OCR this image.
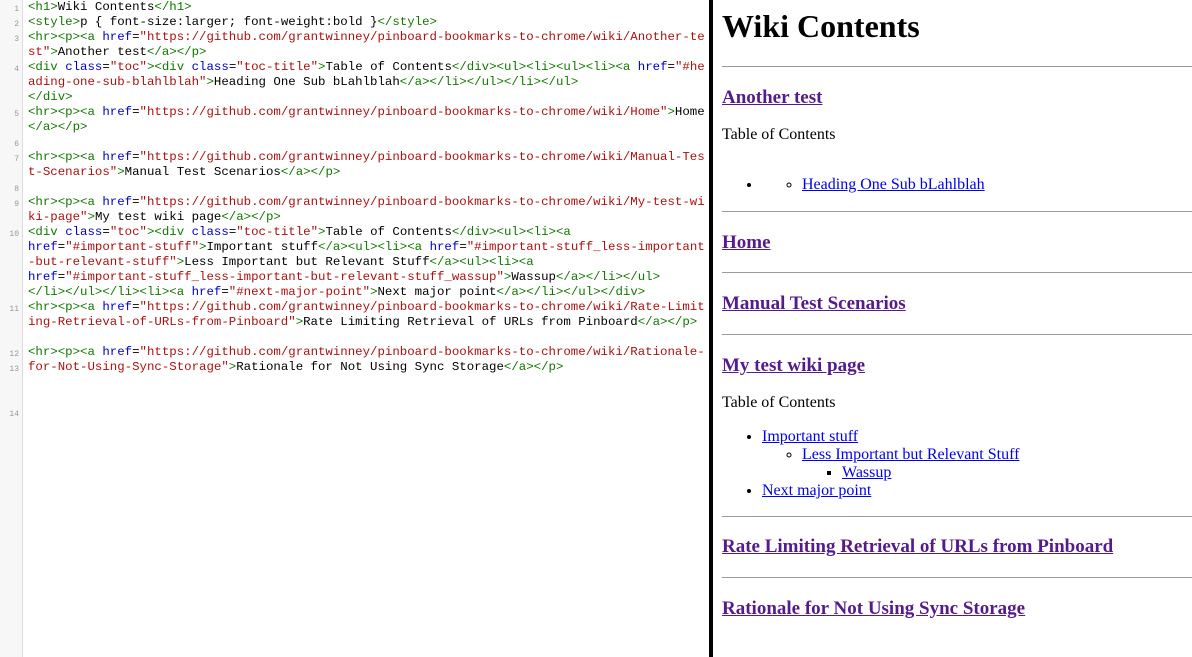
1
2
3
4
5
6
7
8
9
10
11
12
13
14
<h1>Wiki Contents</h1>
<style>p { font-size:larger; font-weight:bold }</style>
<hr><p><a href="https://github.com/grantwinney/pinboard-bookmarks-to-chrome/wiki/Another-test">Another test</a></p>
<div class="toc"><div class="toc-title">Table of Contents</div><ul><li><ul><li><a href="#heading-one-sub-blahlblah">Heading One Sub bLahlblah</a></li></ul></li></ul>
</div>
<hr><p><a href="https://github.com/grantwinney/pinboard-bookmarks-to-chrome/wiki/Home">Home</a></p>
<hr><p><a href="https://github.com/grantwinney/pinboard-bookmarks-to-chrome/wiki/Manual-Test-Scenarios">Manual Test Scenarios</a></p>
<hr><p><a href="https://github.com/grantwinney/pinboard-bookmarks-to-chrome/wiki/My-test-wiki-page">My test wiki page</a></p>
<div class="toc"><div class="toc-title">Table of Contents</div><ul><li><a
href="#important-stuff">Important stuff</a><ul><li><a href="#important-stuff_less-important-but-relevant-stuff">Less Important but Relevant Stuff</a><ul><li><a
href="#important-stuff_less-important-but-relevant-stuff_wassup">Wassup</a></li></ul>
</li></ul></li><li><a href="#next-major-point">Next major point</a></li></ul></div>
<hr><p><a href="https://github.com/grantwinney/pinboard-bookmarks-to-chrome/wiki/Rate-Limiting-Retrieval-of-URLs-from-Pinboard">Rate Limiting Retrieval of URLs from Pinboard</a></p>
<hr><p><a href="https://github.com/grantwinney/pinboard-bookmarks-to-chrome/wiki/Rationale-for-Not-Using-Sync-Storage">Rationale for Not Using Sync Storage</a></p>
Wiki Contents

Another test

Table of Contents
◦ • Heading One Sub bLahlblah

Home

Manual Test Scenarios

My test wiki page

Table of Contents
• Important stuff
◦ Less Important but Relevant Stuff
▪ Wassup
• Next major point

Rate Limiting Retrieval of URLs from Pinboard

Rationale for Not Using Sync Storage
